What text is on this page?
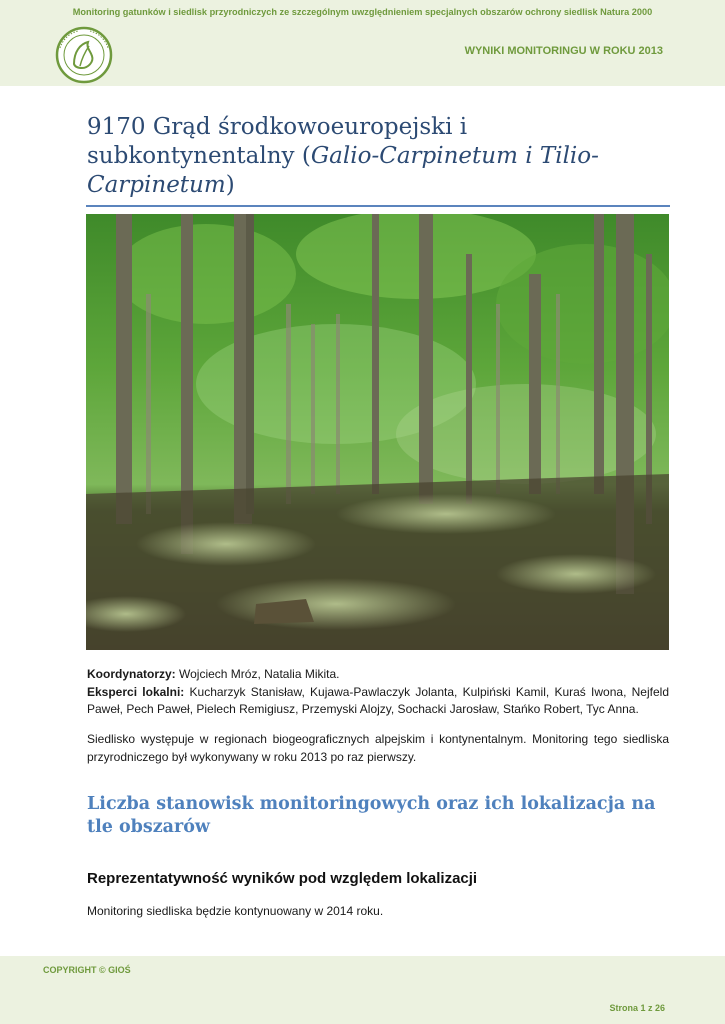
Monitoring gatunków i siedlisk przyrodniczych ze szczególnym uwzględnieniem specjalnych obszarów ochrony siedlisk Natura 2000
WYNIKI MONITORINGU W ROKU 2013
9170 Grąd środkowoeuropejski i subkontynentalny (Galio-Carpinetum i Tilio-Carpinetum)
Koordynatorzy: Wojciech Mróz, Natalia Mikita.
Eksperci lokalni: Kucharzyk Stanisław, Kujawa-Pawlaczyk Jolanta, Kulpiński Kamil, Kuraś Iwona, Nejfeld Paweł, Pech Paweł, Pielech Remigiusz, Przemyski Alojzy, Sochacki Jarosław, Stańko Robert, Tyc Anna.
Siedlisko występuje w regionach biogeograficznych alpejskim i kontynentalnym. Monitoring tego siedliska przyrodniczego był wykonywany w roku 2013 po raz pierwszy.
Liczba stanowisk monitoringowych oraz ich lokalizacja na tle obszarów
Reprezentatywność wyników pod względem lokalizacji
Monitoring siedliska będzie kontynuowany w 2014 roku.
COPYRIGHT © GIOŚ
Strona 1 z 26
